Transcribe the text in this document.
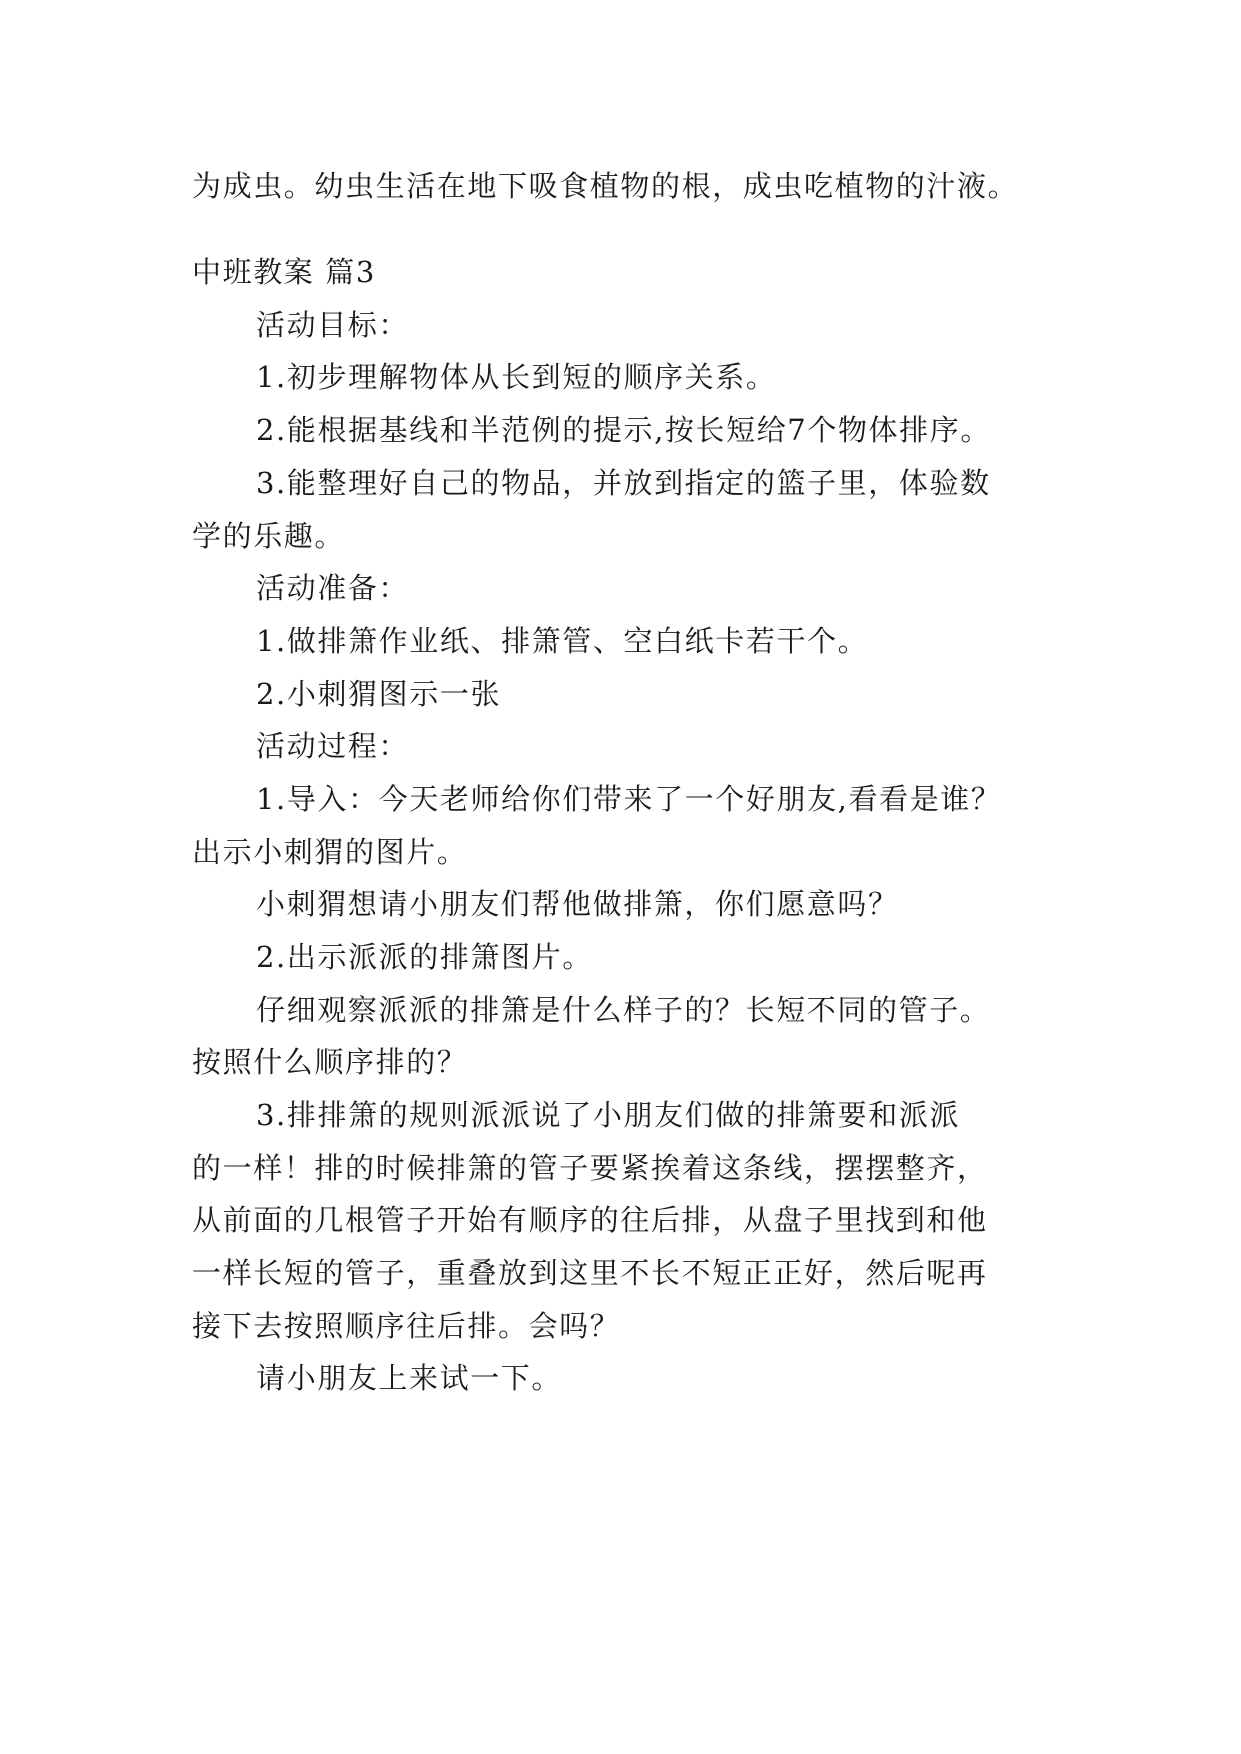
为成虫。幼虫生活在地下吸食植物的根，成虫吃植物的汁液。
中班教案 篇3
活动目标：
1.初步理解物体从长到短的顺序关系。
2.能根据基线和半范例的提示,按长短给7个物体排序。
3.能整理好自己的物品，并放到指定的篮子里，体验数
学的乐趣。
活动准备：
1.做排箫作业纸、排箫管、空白纸卡若干个。
2.小刺猬图示一张
活动过程：
1.导入：今天老师给你们带来了一个好朋友,看看是谁？
出示小刺猬的图片。
小刺猬想请小朋友们帮他做排箫，你们愿意吗？
2.出示派派的排箫图片。
仔细观察派派的排箫是什么样子的？长短不同的管子。
按照什么顺序排的？
3.排排箫的规则派派说了小朋友们做的排箫要和派派
的一样！排的时候排箫的管子要紧挨着这条线，摆摆整齐，
从前面的几根管子开始有顺序的往后排，从盘子里找到和他
一样长短的管子，重叠放到这里不长不短正正好，然后呢再
接下去按照顺序往后排。会吗？
请小朋友上来试一下。
